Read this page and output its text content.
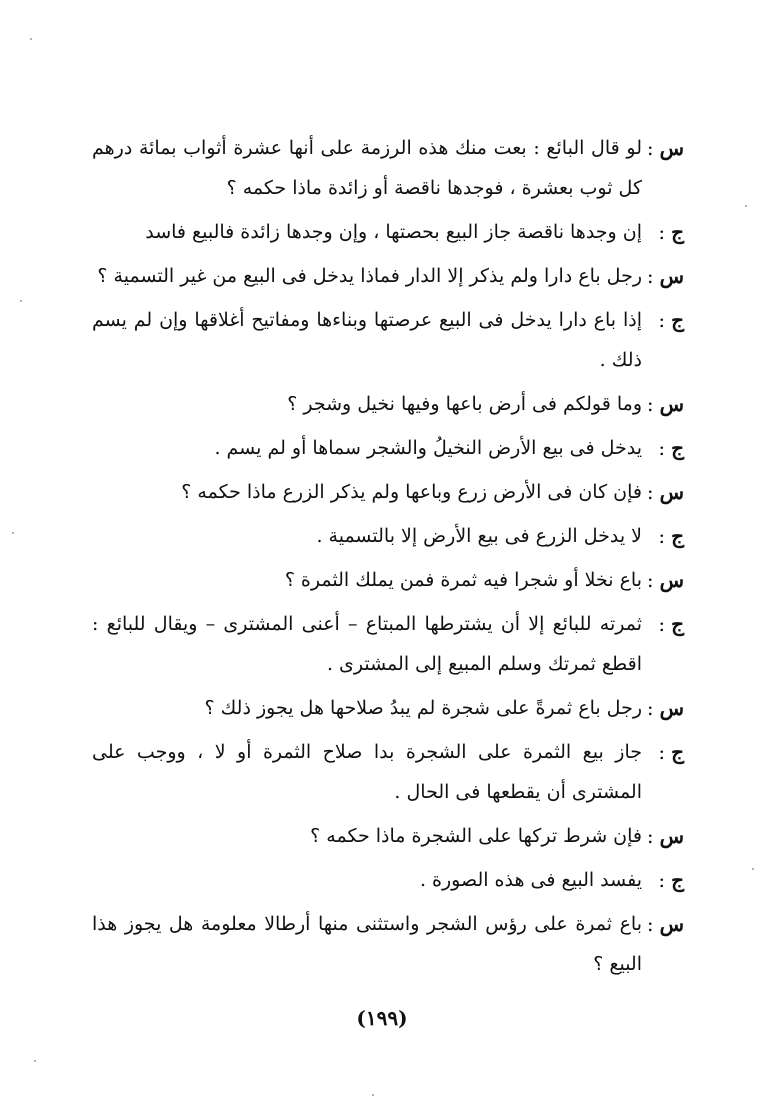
س:
لو قال البائع : بعت منك هذه الرزمة على أنها عشرة أثواب بمائة درهم كل ثوب بعشرة ، فوجدها ناقصة أو زائدة ماذا حكمه ؟
ج:
إن وجدها ناقصة جاز البيع بحصتها ، وإن وجدها زائدة فالبيع فاسد
س:
رجل باع دارا ولم يذكر إلا الدار فماذا يدخل فى البيع من غير التسمية ؟
ج:
إذا باع دارا يدخل فى البيع عرصتها وبناءها ومفاتيح أغلاقها وإن لم يسم ذلك .
س:
وما قولكم فى أرض باعها وفيها نخيل وشجر ؟
ج:
يدخل فى بيع الأرض النخيلُ والشجر سماها أو لم يسم .
س:
فإن كان فى الأرض زرع وباعها ولم يذكر الزرع ماذا حكمه ؟
ج:
لا يدخل الزرع فى بيع الأرض إلا بالتسمية .
س:
باع نخلا أو شجرا فيه ثمرة فمن يملك الثمرة ؟
ج:
ثمرته للبائع إلا أن يشترطها المبتاع – أعنى المشترى – ويقال للبائع : اقطع ثمرتك وسلم المبيع إلى المشترى .
س:
رجل باع ثمرةً على شجرة لم يبدُ صلاحها هل يجوز ذلك ؟
ج:
جاز بيع الثمرة على الشجرة بدا صلاح الثمرة أو لا ، ووجب على المشترى أن يقطعها فى الحال .
س:
فإن شرط تركها على الشجرة ماذا حكمه ؟
ج:
يفسد البيع فى هذه الصورة .
س:
باع ثمرة على رؤس الشجر واستثنى منها أرطالا معلومة هل يجوز هذا البيع ؟
(١٩٩)
